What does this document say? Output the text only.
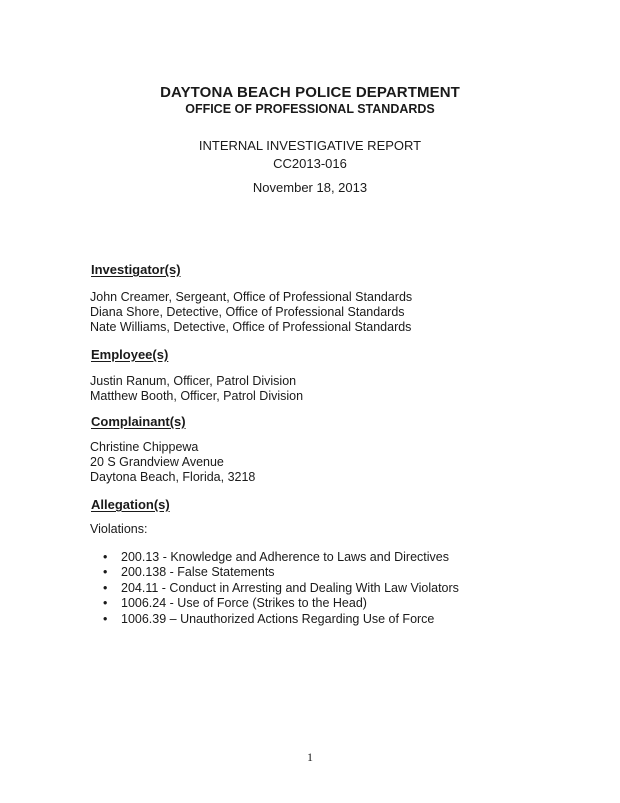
DAYTONA BEACH POLICE DEPARTMENT
OFFICE OF PROFESSIONAL STANDARDS
INTERNAL INVESTIGATIVE REPORT
CC2013-016
November 18, 2013
Investigator(s)
John Creamer, Sergeant, Office of Professional Standards
Diana Shore, Detective, Office of Professional Standards
Nate Williams, Detective, Office of Professional Standards
Employee(s)
Justin Ranum, Officer, Patrol Division
Matthew Booth, Officer, Patrol Division
Complainant(s)
Christine Chippewa
20 S Grandview Avenue
Daytona Beach, Florida, 3218
Allegation(s)
Violations:
• 200.13 - Knowledge and Adherence to Laws and Directives
• 200.138 - False Statements
• 204.11 - Conduct in Arresting and Dealing With Law Violators
• 1006.24 - Use of Force (Strikes to the Head)
• 1006.39 – Unauthorized Actions Regarding Use of Force
1
